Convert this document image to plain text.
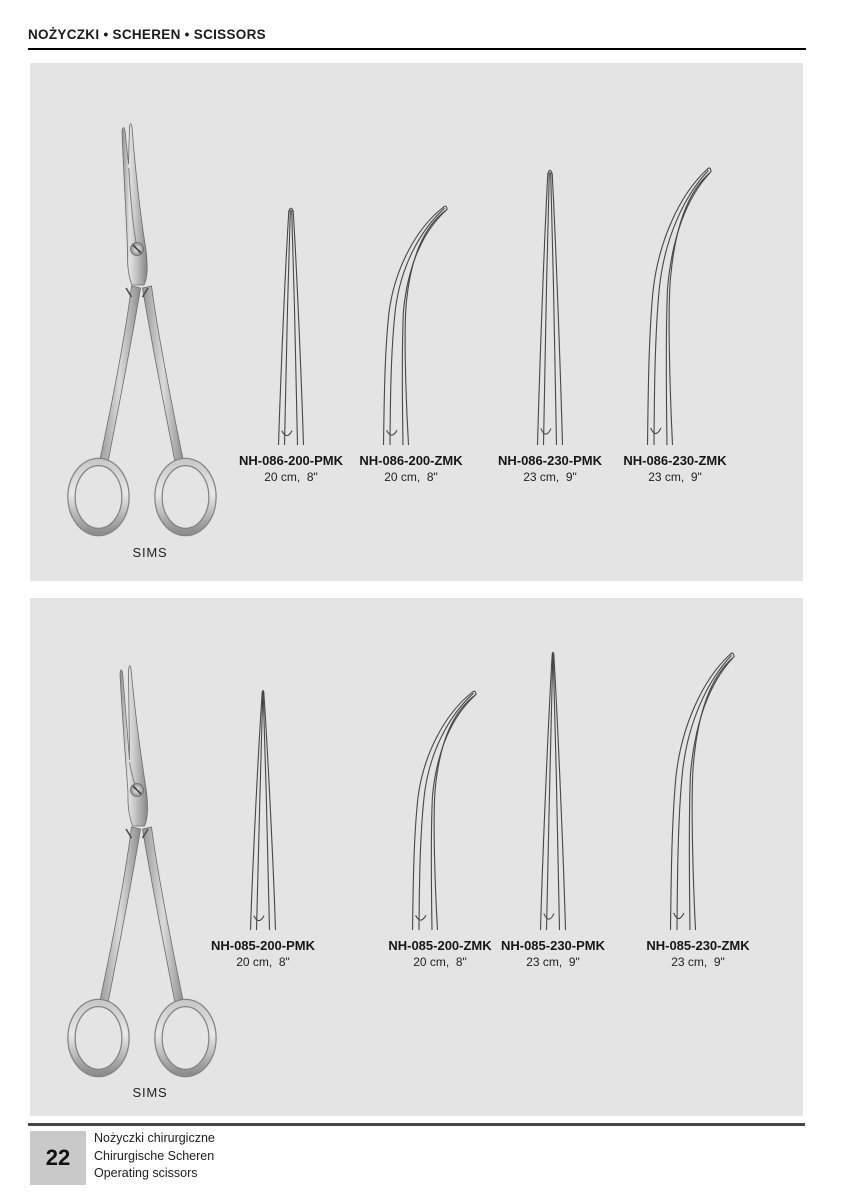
NOŻYCZKI • SCHEREN • SCISSORS
SIMS
NH-086-200-PMK
20 cm,  8"
NH-086-200-ZMK
20 cm,  8"
NH-086-230-PMK
23 cm,  9"
NH-086-230-ZMK
23 cm,  9"
SIMS
NH-085-200-PMK
20 cm,  8"
NH-085-200-ZMK
20 cm,  8"
NH-085-230-PMK
23 cm,  9"
NH-085-230-ZMK
23 cm,  9"
22
Nożyczki chirurgiczne
Chirurgische Scheren
Operating scissors
